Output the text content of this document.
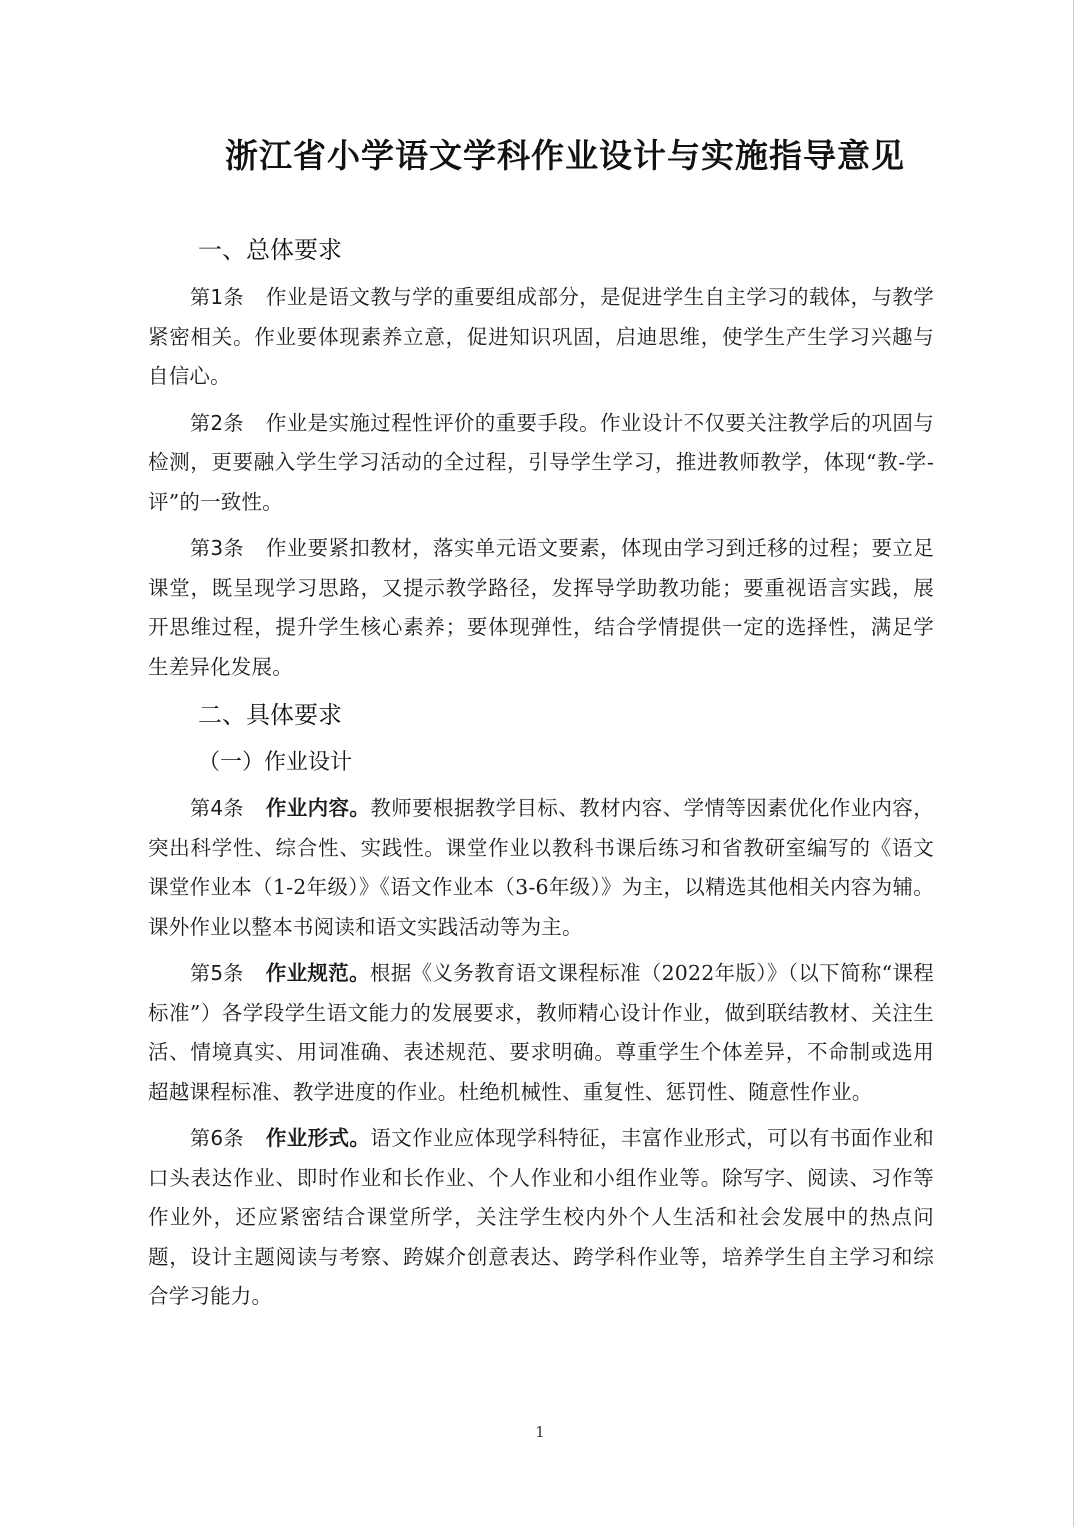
浙江省小学语文学科作业设计与实施指导意见
一、总体要求

第1条 作业是语文教与学的重要组成部分，是促进学生自主学习的载体，与教学紧密相关。作业要体现素养立意，促进知识巩固，启迪思维，使学生产生学习兴趣与自信心。

第2条 作业是实施过程性评价的重要手段。作业设计不仅要关注教学后的巩固与检测，更要融入学生学习活动的全过程，引导学生学习，推进教师教学，体现“教-学-评”的一致性。

第3条 作业要紧扣教材，落实单元语文要素，体现由学习到迁移的过程；要立足课堂，既呈现学习思路，又提示教学路径，发挥导学助教功能；要重视语言实践，展开思维过程，提升学生核心素养；要体现弹性，结合学情提供一定的选择性，满足学生差异化发展。

二、具体要求
（一）作业设计

第4条 作业内容。教师要根据教学目标、教材内容、学情等因素优化作业内容，突出科学性、综合性、实践性。课堂作业以教科书课后练习和省教研室编写的《语文课堂作业本（1-2年级）》《语文作业本（3-6年级）》为主，以精选其他相关内容为辅。课外作业以整本书阅读和语文实践活动等为主。

第5条 作业规范。根据《义务教育语文课程标准（2022年版）》（以下简称“课程标准”）各学段学生语文能力的发展要求，教师精心设计作业，做到联结教材、关注生活、情境真实、用词准确、表述规范、要求明确。尊重学生个体差异，不命制或选用超越课程标准、教学进度的作业。杜绝机械性、重复性、惩罚性、随意性作业。

第6条 作业形式。语文作业应体现学科特征，丰富作业形式，可以有书面作业和口头表达作业、即时作业和长作业、个人作业和小组作业等。除写字、阅读、习作等作业外，还应紧密结合课堂所学，关注学生校内外个人生活和社会发展中的热点问题，设计主题阅读与考察、跨媒介创意表达、跨学科作业等，培养学生自主学习和综合学习能力。

1
